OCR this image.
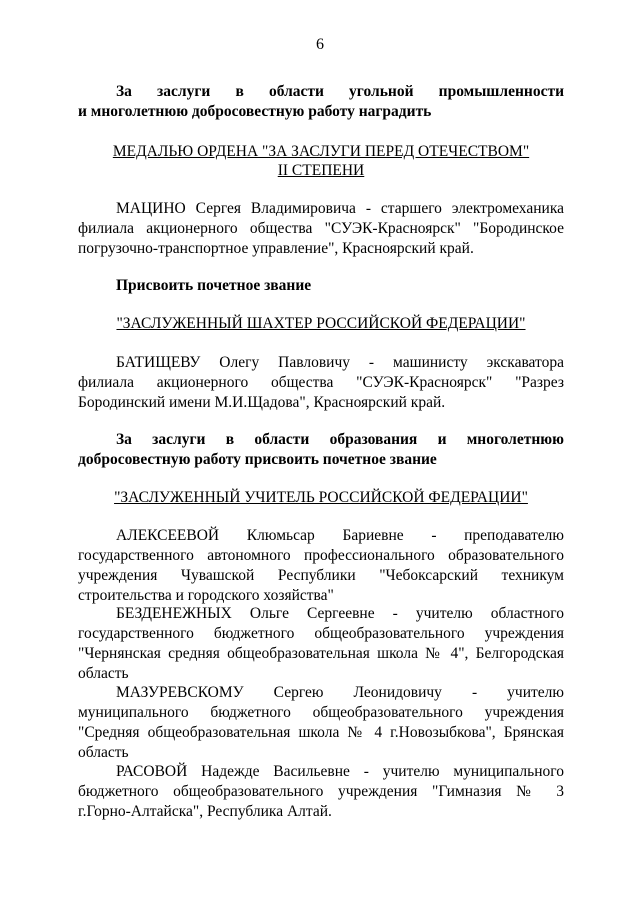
6

За заслуги в области угольной промышленности

и многолетнюю добросовестную работу наградить

МЕДАЛЬЮ ОРДЕНА "ЗА ЗАСЛУГИ ПЕРЕД ОТЕЧЕСТВОМ"

II СТЕПЕНИ

МАЦИНО Сергея Владимировича - старшего электромеханика

филиала акционерного общества "СУЭК-Красноярск" "Бородинское

погрузочно-транспортное управление", Красноярский край.

Присвоить почетное звание

"ЗАСЛУЖЕННЫЙ ШАХТЕР РОССИЙСКОЙ ФЕДЕРАЦИИ"

БАТИЩЕВУ Олегу Павловичу - машинисту экскаватора

филиала акционерного общества "СУЭК-Красноярск" "Разрез

Бородинский имени М.И.Щадова", Красноярский край.

За заслуги в области образования и многолетнюю

добросовестную работу присвоить почетное звание

"ЗАСЛУЖЕННЫЙ УЧИТЕЛЬ РОССИЙСКОЙ ФЕДЕРАЦИИ"

АЛЕКСЕЕВОЙ Клюмьсар Бариевне - преподавателю

государственного автономного профессионального образовательного

учреждения Чувашской Республики "Чебоксарский техникум

строительства и городского хозяйства"

БЕЗДЕНЕЖНЫХ Ольге Сергеевне - учителю областного

государственного бюджетного общеобразовательного учреждения

"Чернянская средняя общеобразовательная школа № 4", Белгородская

область

МАЗУРЕВСКОМУ Сергею Леонидовичу - учителю

муниципального бюджетного общеобразовательного учреждения

"Средняя общеобразовательная школа № 4 г.Новозыбкова", Брянская

область

РАСОВОЙ Надежде Васильевне - учителю муниципального

бюджетного общеобразовательного учреждения "Гимназия № 3

г.Горно-Алтайска", Республика Алтай.
